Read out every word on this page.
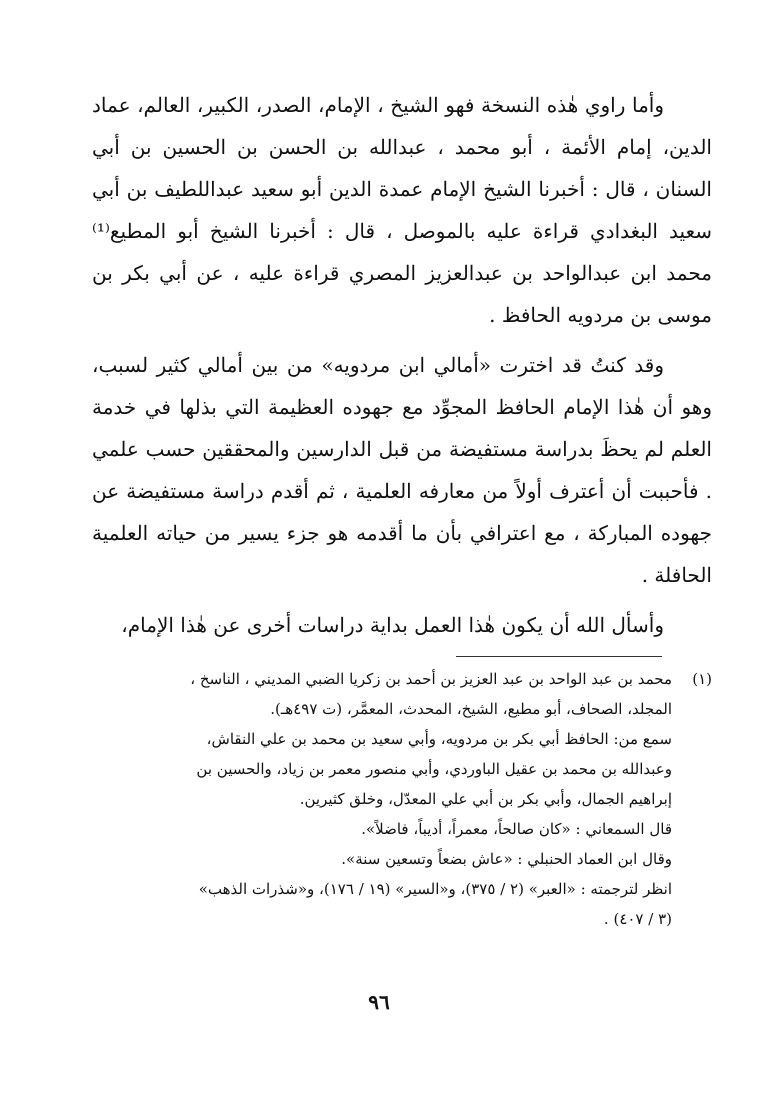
وأما راوي هٰذه النسخة فهو الشيخ ، الإمام، الصدر، الكبير، العالم، عماد الدين، إمام الأئمة ، أبو محمد ، عبدالله بن الحسن بن الحسين بن أبي السنان ، قال : أخبرنا الشيخ الإمام عمدة الدين أبو سعيد عبداللطيف بن أبي سعيد البغدادي قراءة عليه بالموصل ، قال : أخبرنا الشيخ أبو المطيع⁽¹⁾ محمد ابن عبدالواحد بن عبدالعزيز المصري قراءة عليه ، عن أبي بكر بن موسى بن مردويه الحافظ .

وقد كنتُ قد اخترت «أمالي ابن مردويه» من بين أمالي كثير لسبب، وهو أن هٰذا الإمام الحافظ المجوِّد مع جهوده العظيمة التي بذلها في خدمة العلم لم يحظَ بدراسة مستفيضة من قبل الدارسين والمحققين حسب علمي . فأحببت أن أعترف أولاً من معارفه العلمية ، ثم أقدم دراسة مستفيضة عن جهوده المباركة ، مع اعترافي بأن ما أقدمه هو جزء يسير من حياته العلمية الحافلة .

وأسأل الله أن يكون هٰذا العمل بداية دراسات أخرى عن هٰذا الإمام،

(١)
محمد بن عبد الواحد بن عبد العزيز بن أحمد بن زكريا الضبي المديني ، الناسخ ،
المجلد، الصحاف، أبو مطيع، الشيخ، المحدث، المعمَّر، (ت ٤٩٧هـ).
سمع من: الحافظ أبي بكر بن مردويه، وأبي سعيد بن محمد بن علي النقاش،
وعبدالله بن محمد بن عقيل الباوردي، وأبي منصور معمر بن زياد، والحسين بن
إبراهيم الجمال، وأبي بكر بن أبي علي المعدّل، وخلق كثيرين.
قال السمعاني : «كان صالحاً، معمراً، أديباً، فاضلاً».
وقال ابن العماد الحنبلي : «عاش بضعاً وتسعين سنة».
انظر لترجمته : «العبر» (٢ / ٣٧٥)، و«السير» (١٩ / ١٧٦)، و«شذرات الذهب»
(٣ / ٤٠٧) .
٩٦
